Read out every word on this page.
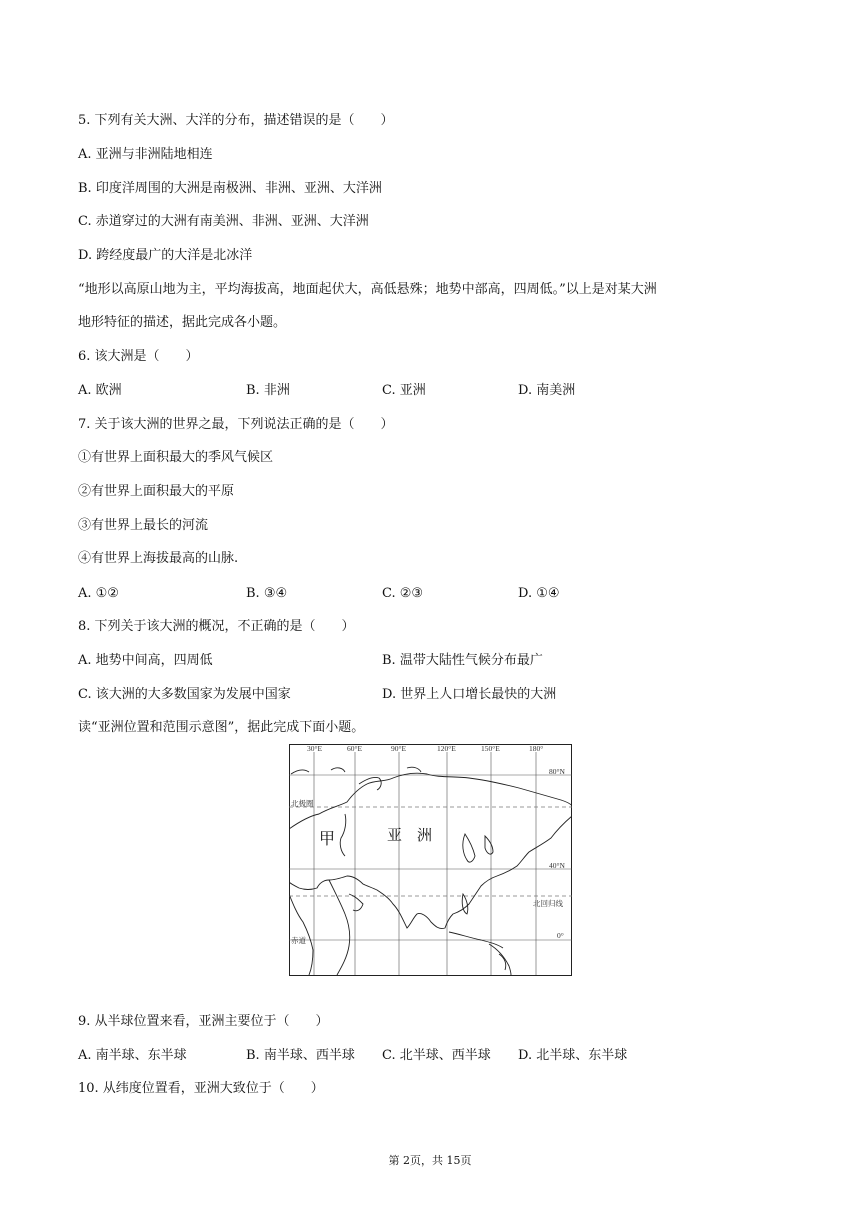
5. 下列有关大洲、大洋的分布，描述错误的是（　　）
A. 亚洲与非洲陆地相连
B. 印度洋周围的大洲是南极洲、非洲、亚洲、大洋洲
C. 赤道穿过的大洲有南美洲、非洲、亚洲、大洋洲
D. 跨经度最广的大洋是北冰洋
“地形以高原山地为主，平均海拔高，地面起伏大，高低悬殊；地势中部高，四周低。”以上是对某大洲
地形特征的描述，据此完成各小题。
6. 该大洲是（　　）
A. 欧洲	B. 非洲	C. 亚洲	D. 南美洲
7. 关于该大洲的世界之最，下列说法正确的是（　　）
①有世界上面积最大的季风气候区
②有世界上面积最大的平原
③有世界上最长的河流
④有世界上海拔最高的山脉.
A. ①②	B. ③④	C. ②③	D. ①④
8. 下列关于该大洲的概况，不正确的是（　　）
A. 地势中间高，四周低	B. 温带大陆性气候分布最广
C. 该大洲的大多数国家为发展中国家	D. 世界上人口增长最快的大洲
读“亚洲位置和范围示意图”，据此完成下面小题。
30°E	60°E	90°E	120°E	150°E	180°
80°N
40°N
0°
北极圈
北回归线
赤道
甲	亚　洲
9. 从半球位置来看，亚洲主要位于（　　）
A. 南半球、东半球	B. 南半球、西半球 C. 北半球、西半球 D. 北半球、东半球
10. 从纬度位置看，亚洲大致位于（　　）
第 2页，共 15页
